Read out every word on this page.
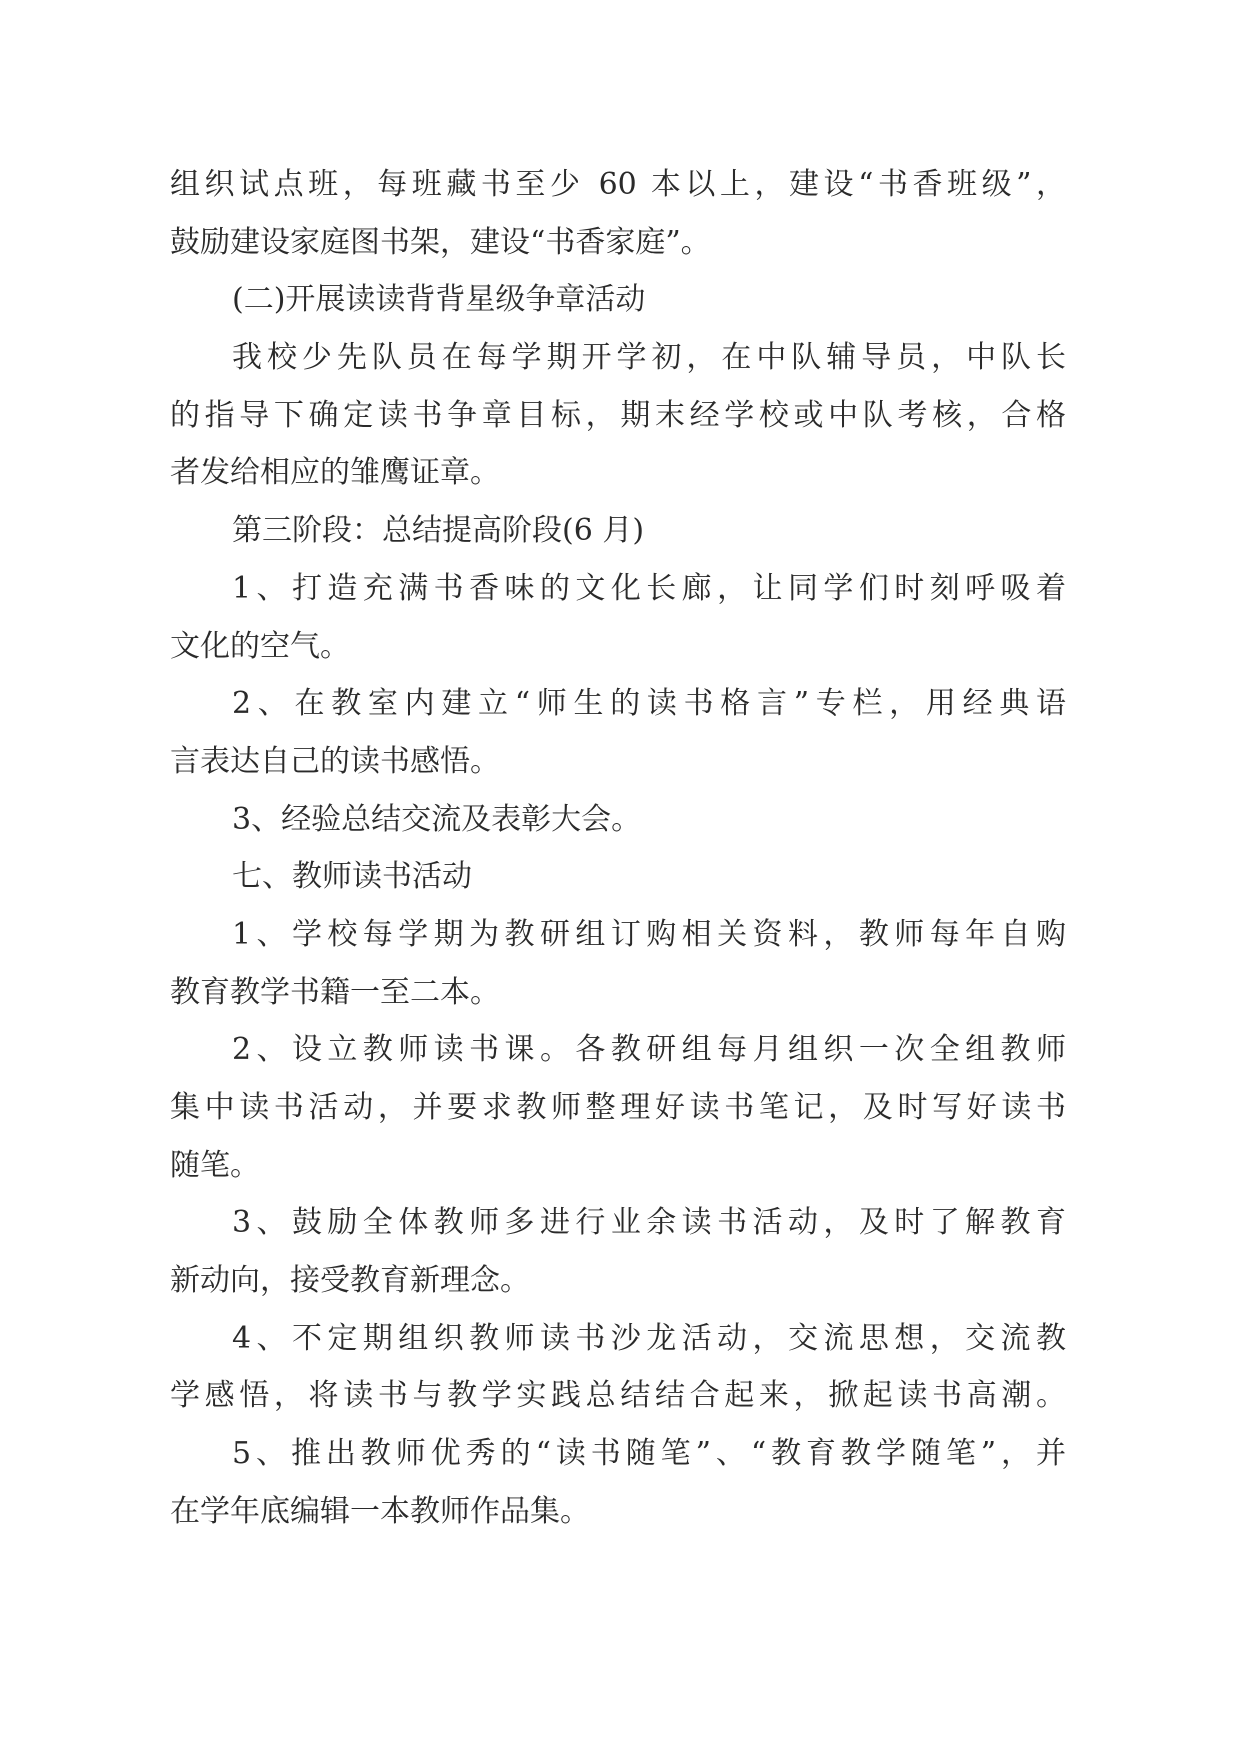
组织试点班，每班藏书至少 60 本以上，建设“书香班级”，
鼓励建设家庭图书架，建设“书香家庭”。
(二)开展读读背背星级争章活动
我校少先队员在每学期开学初，在中队辅导员，中队长
的指导下确定读书争章目标，期末经学校或中队考核，合格
者发给相应的雏鹰证章。
第三阶段：总结提高阶段(6 月)
1、打造充满书香味的文化长廊，让同学们时刻呼吸着
文化的空气。
2、在教室内建立“师生的读书格言”专栏，用经典语
言表达自己的读书感悟。
3、经验总结交流及表彰大会。
七、教师读书活动
1、学校每学期为教研组订购相关资料，教师每年自购
教育教学书籍一至二本。
2、设立教师读书课。各教研组每月组织一次全组教师
集中读书活动，并要求教师整理好读书笔记，及时写好读书
随笔。
3、鼓励全体教师多进行业余读书活动，及时了解教育
新动向，接受教育新理念。
4、不定期组织教师读书沙龙活动，交流思想，交流教
学感悟，将读书与教学实践总结结合起来，掀起读书高潮。
5、推出教师优秀的“读书随笔”、“教育教学随笔”，并
在学年底编辑一本教师作品集。
